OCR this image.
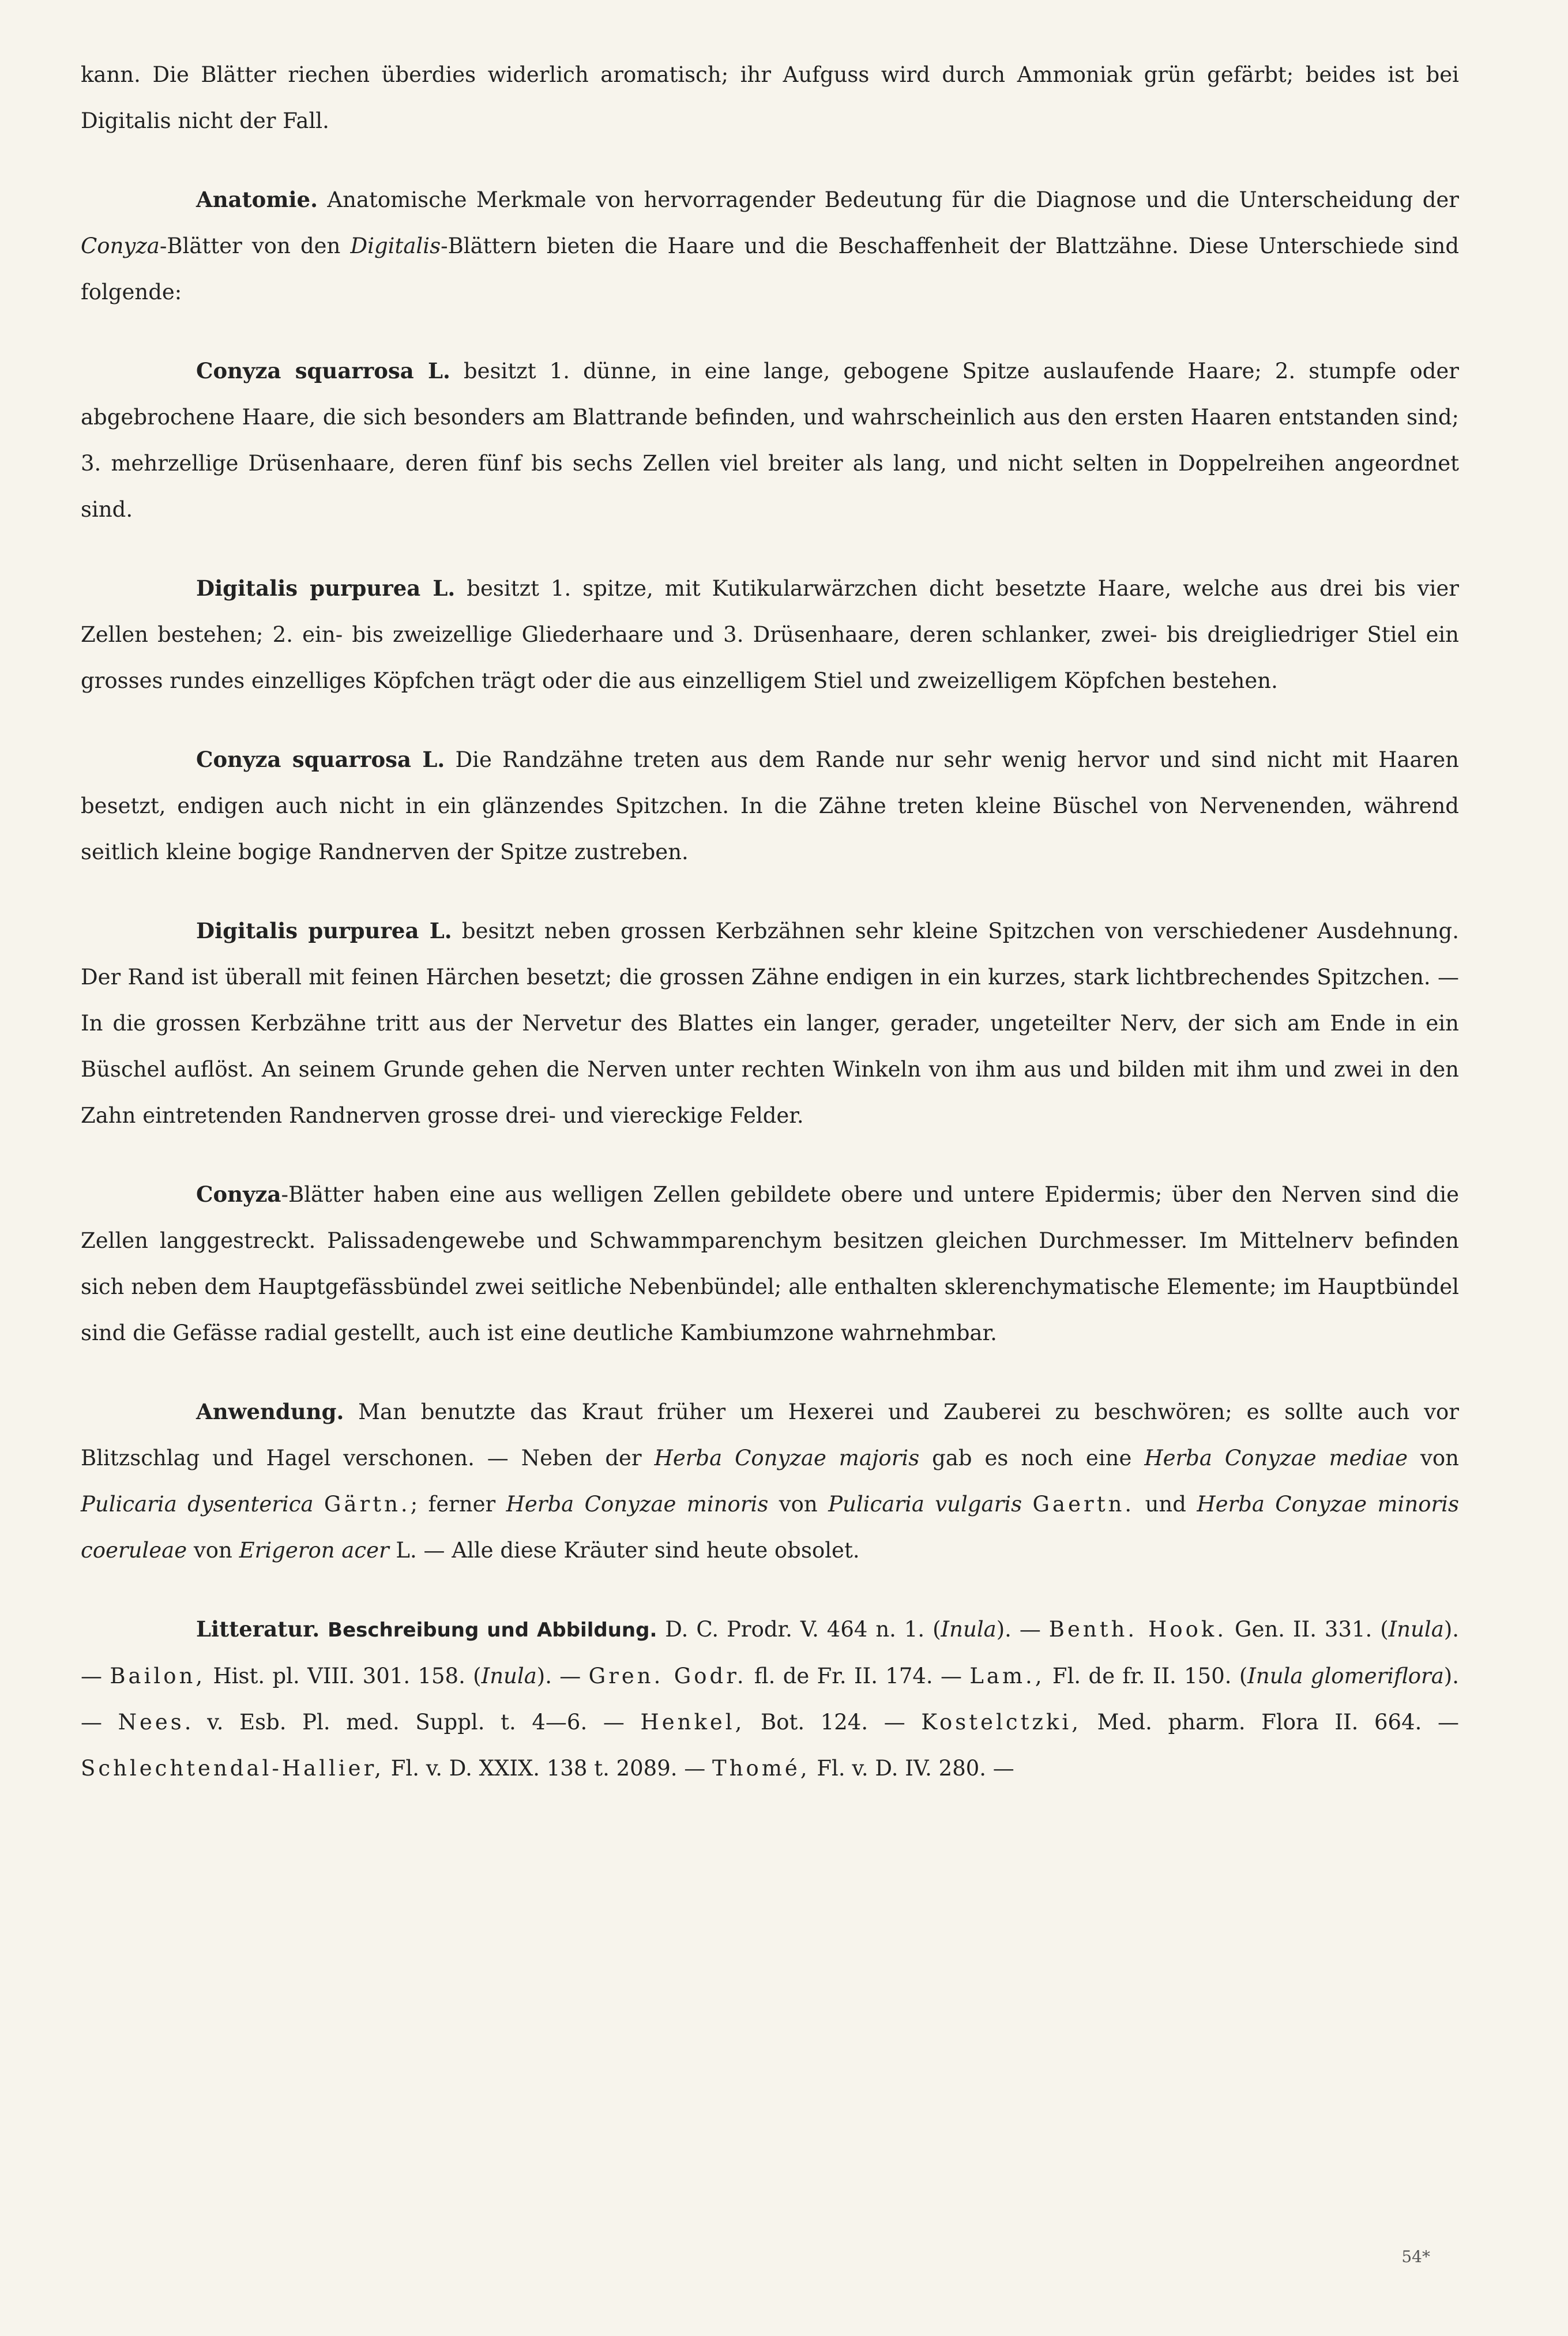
kann. Die Blätter riechen überdies widerlich aromatisch; ihr Aufguss wird durch Ammoniak grün gefärbt; beides ist bei Digitalis nicht der Fall.

Anatomie. Anatomische Merkmale von hervorragender Bedeutung für die Diagnose und die Unterscheidung der Conyza-Blätter von den Digitalis-Blättern bieten die Haare und die Beschaffenheit der Blattzähne. Diese Unterschiede sind folgende:

Conyza squarrosa L. besitzt 1. dünne, in eine lange, gebogene Spitze auslaufende Haare; 2. stumpfe oder abgebrochene Haare, die sich besonders am Blattrande befinden, und wahrscheinlich aus den ersten Haaren entstanden sind; 3. mehrzellige Drüsenhaare, deren fünf bis sechs Zellen viel breiter als lang, und nicht selten in Doppelreihen angeordnet sind.

Digitalis purpurea L. besitzt 1. spitze, mit Kutikularwärzchen dicht besetzte Haare, welche aus drei bis vier Zellen bestehen; 2. ein- bis zweizellige Gliederhaare und 3. Drüsenhaare, deren schlanker, zwei- bis dreigliedriger Stiel ein grosses rundes einzelliges Köpfchen trägt oder die aus einzelligem Stiel und zweizelligem Köpfchen bestehen.

Conyza squarrosa L. Die Randzähne treten aus dem Rande nur sehr wenig hervor und sind nicht mit Haaren besetzt, endigen auch nicht in ein glänzendes Spitzchen. In die Zähne treten kleine Büschel von Nervenenden, während seitlich kleine bogige Randnerven der Spitze zustreben.

Digitalis purpurea L. besitzt neben grossen Kerbzähnen sehr kleine Spitzchen von verschiedener Ausdehnung. Der Rand ist überall mit feinen Härchen besetzt; die grossen Zähne endigen in ein kurzes, stark lichtbrechendes Spitzchen. — In die grossen Kerbzähne tritt aus der Nervetur des Blattes ein langer, gerader, ungeteilter Nerv, der sich am Ende in ein Büschel auflöst. An seinem Grunde gehen die Nerven unter rechten Winkeln von ihm aus und bilden mit ihm und zwei in den Zahn eintretenden Randnerven grosse drei- und viereckige Felder.

Conyza-Blätter haben eine aus welligen Zellen gebildete obere und untere Epidermis; über den Nerven sind die Zellen langgestreckt. Palissadengewebe und Schwammparenchym besitzen gleichen Durchmesser. Im Mittelnerv befinden sich neben dem Hauptgefässbündel zwei seitliche Nebenbündel; alle enthalten sklerenchymatische Elemente; im Hauptbündel sind die Gefässe radial gestellt, auch ist eine deutliche Kambiumzone wahrnehmbar.

Anwendung. Man benutzte das Kraut früher um Hexerei und Zauberei zu beschwören; es sollte auch vor Blitzschlag und Hagel verschonen. — Neben der Herba Conyzae majoris gab es noch eine Herba Conyzae mediae von Pulicaria dysenterica Gärtn.; ferner Herba Conyzae minoris von Pulicaria vulgaris Gaertn. und Herba Conyzae minoris coeruleae von Erigeron acer L. — Alle diese Kräuter sind heute obsolet.

Litteratur. Beschreibung und Abbildung. D. C. Prodr. V. 464 n. 1. (Inula). — Benth. Hook. Gen. II. 331. (Inula). — Bailon, Hist. pl. VIII. 301. 158. (Inula). — Gren. Godr. fl. de Fr. II. 174. — Lam., Fl. de fr. II. 150. (Inula glomeriflora). — Nees. v. Esb. Pl. med. Suppl. t. 4—6. — Henkel, Bot. 124. — Kostelctzki, Med. pharm. Flora II. 664. — Schlechtendal-Hallier, Fl. v. D. XXIX. 138 t. 2089. — Thomé, Fl. v. D. IV. 280. —

54*
